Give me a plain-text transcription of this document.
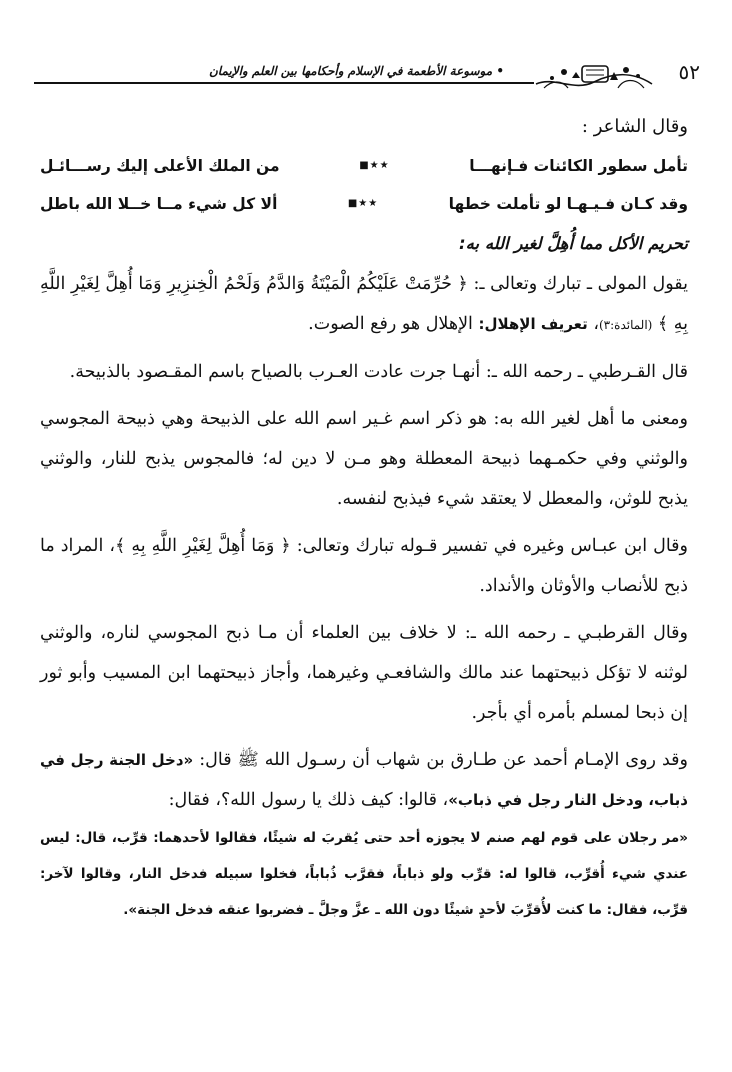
• موسوعة الأطعمة في الإسلام وأحكامها بين العلم والإيمان	٥٢

وقال الشاعر :

تأمل سطور الكائنات فـإنهـــا
★★■
من الملك الأعلى إليك رســـائـل
وقد كـان فـيـهـا لو تأملت خطها
★★■
ألا كل شيء مــا خــلا الله باطل
تحريم الأكل مما أُهِلَّ لغير الله به:

يقول المولى ـ تبارك وتعالى ـ: ﴿ حُرِّمَتْ عَلَيْكُمُ الْمَيْتَةُ وَالدَّمُ وَلَحْمُ الْخِنزِيرِ وَمَا أُهِلَّ لِغَيْرِ اللَّهِ بِهِ ﴾ (المائدة:٣)، تعريف الإهلال: الإهلال هو رفع الصوت.

قال القـرطبي ـ رحمه الله ـ: أنهـا جرت عادت العـرب بالصياح باسم المقـصود بالذبيحة.

ومعنى ما أهل لغير الله به: هو ذكر اسم غـير اسم الله على الذبيحة وهي ذبيحة المجوسي والوثني وفي حكمـهما ذبيحة المعطلة وهو مـن لا دين له؛ فالمجوس يذبح للنار، والوثني يذبح للوثن، والمعطل لا يعتقد شيء فيذبح لنفسه.

وقال ابن عبـاس وغيره في تفسير قـوله تبارك وتعالى: ﴿ وَمَا أُهِلَّ لِغَيْرِ اللَّهِ بِهِ ﴾، المراد ما ذبح للأنصاب والأوثان والأنداد.

وقال القرطبـي ـ رحمه الله ـ: لا خلاف بين العلماء أن مـا ذبح المجوسي لناره، والوثني لوثنه لا تؤكل ذبيحتهما عند مالك والشافعـي وغيرهما، وأجاز ذبيحتهما ابن المسيب وأبو ثور إن ذبحا لمسلم بأمره أي بأجر.

وقد روى الإمـام أحمد عن طـارق بن شهاب أن رسـول الله ﷺ قال: «دخل الجنة رجل في ذباب، ودخل النار رجل في ذباب»، قالوا: كيف ذلك يا رسول الله؟، فقال:

«مر رجلان على قوم لهم صنم لا يجوزه أحد حتى يُقربَ له شيئًا، فقالوا لأحدهما: قرِّب، قال: ليس عندي شيء أُقرِّب، قالوا له: قرِّب ولو ذباباً، فقرَّب ذُباباً، فخلوا سبيله فدخل النار، وقالوا لآخر: قرِّب، فقال: ما كنت لأُقرِّبَ لأحدٍ شيئًا دون الله ـ عزَّ وجلَّ ـ فضربوا عنقه فدخل الجنة».
